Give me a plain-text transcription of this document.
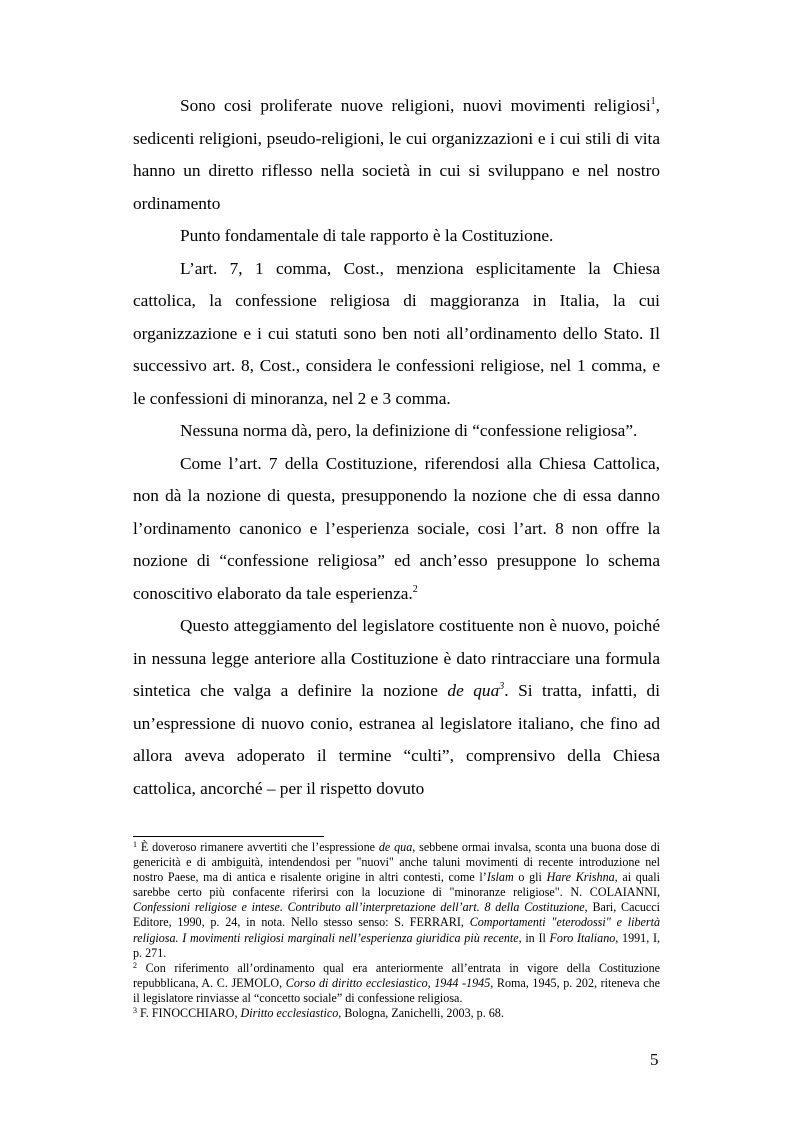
Sono cosi proliferate nuove religioni, nuovi movimenti religiosi$^1$, sedicenti religioni, pseudo-religioni, le cui organizzazioni e i cui stili di vita hanno un diretto riflesso nella società in cui si sviluppano e nel nostro ordinamento

Punto fondamentale di tale rapporto è la Costituzione.

L’art. 7, 1 comma, Cost., menziona esplicitamente la Chiesa cattolica, la confessione religiosa di maggioranza in Italia, la cui organizzazione e i cui statuti sono ben noti all’ordinamento dello Stato. Il successivo art. 8, Cost., considera le confessioni religiose, nel 1 comma, e le confessioni di minoranza, nel 2 e 3 comma.

Nessuna norma dà, pero, la definizione di “confessione religiosa”.

Come l’art. 7 della Costituzione, riferendosi alla Chiesa Cattolica, non dà la nozione di questa, presupponendo la nozione che di essa danno l’ordinamento canonico e l’esperienza sociale, cosi l’art. 8 non offre la nozione di “confessione religiosa” ed anch’esso presuppone lo schema conoscitivo elaborato da tale esperienza.$^2$

Questo atteggiamento del legislatore costituente non è nuovo, poiché in nessuna legge anteriore alla Costituzione è dato rintracciare una formula sintetica che valga a definire la nozione de qua$^3$. Si tratta, infatti, di un’espressione di nuovo conio, estranea al legislatore italiano, che fino ad allora aveva adoperato il termine “culti”, comprensivo della Chiesa cattolica, ancorché – per il rispetto dovuto

$^1$ È doveroso rimanere avvertiti che l’espressione de qua, sebbene ormai invalsa, sconta una buona dose di genericità e di ambiguità, intendendosi per "nuovi" anche taluni movimenti di recente introduzione nel nostro Paese, ma di antica e risalente origine in altri contesti, come l’Islam o gli Hare Krishna, ai quali sarebbe certo più confacente riferirsi con la locuzione di "minoranze religiose". N. COLAIANNI, Confessioni religiose e intese. Contributo all’interpretazione dell’art. 8 della Costituzione, Bari, Cacucci Editore, 1990, p. 24, in nota. Nello stesso senso: S. FERRARI, Comportamenti "eterodossi" e libertà religiosa. I movimenti religiosi marginali nell’esperienza giuridica più recente, in Il Foro Italiano, 1991, I, p. 271.

$^2$ Con riferimento all’ordinamento qual era anteriormente all’entrata in vigore della Costituzione repubblicana, A. C. JEMOLO, Corso di diritto ecclesiastico, 1944 -1945, Roma, 1945, p. 202, riteneva che il legislatore rinviasse al “concetto sociale” di confessione religiosa.

$^3$ F. FINOCCHIARO, Diritto ecclesiastico, Bologna, Zanichelli, 2003, p. 68.

5
